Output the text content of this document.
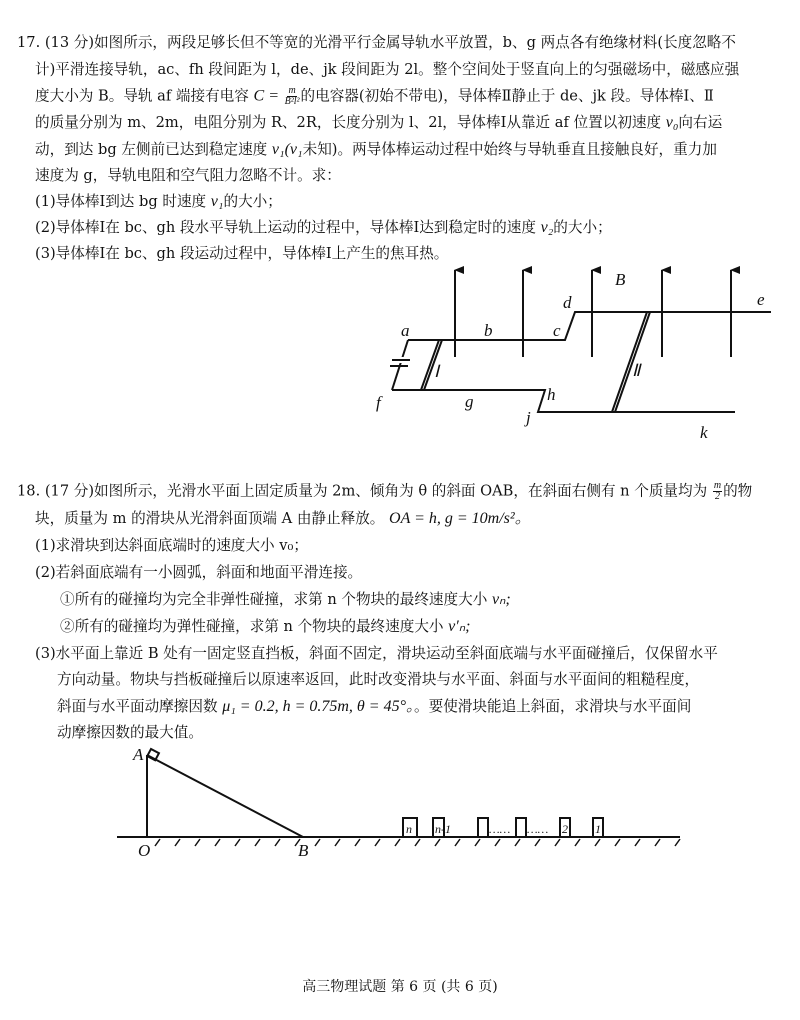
17. (13 分)如图所示，两段足够长但不等宽的光滑平行金属导轨水平放置，b、g 两点各有绝缘材料(长度忽略不
计)平滑连接导轨，ac、fh 段间距为 l，de、jk 段间距为 2l。整个空间处于竖直向上的匀强磁场中，磁感应强
度大小为 B。导轨 af 端接有电容 $C = \frac{m}{\text{B²l²}}$ 的电容器(初始不带电)，导体棒Ⅱ静止于 de、jk 段。导体棒Ⅰ、Ⅱ
的质量分别为 m、2m，电阻分别为 R、2R，长度分别为 l、2l，导体棒Ⅰ从靠近 af 位置以初速度 v₀向右运
动，到达 bg 左侧前已达到稳定速度 v₁(v₁未知)。两导体棒运动过程中始终与导轨垂直且接触良好，重力加
速度为 g，导轨电阻和空气阻力忽略不计。求：
(1)导体棒Ⅰ到达 bg 时速度 v₁的大小；
(2)导体棒Ⅰ在 bc、gh 段水平导轨上运动的过程中，导体棒Ⅰ达到稳定时的速度 v₂的大小；
(3)导体棒Ⅰ在 bc、gh 段运动过程中，导体棒Ⅰ上产生的焦耳热。
a	b	c
d	e
f	g	h
j
k
B
Ⅰ	Ⅱ
A
O	B
n n-1	2 1
…… ……
18. (17 分)如图所示，光滑水平面上固定质量为 2m、倾角为 θ 的斜面 OAB，在斜面右侧有 n 个质量均为 $\frac{m}{2}$ 的物
块，质量为 m 的滑块从光滑斜面顶端 A 由静止释放。 OA = h, g = 10m/s²。
(1)求滑块到达斜面底端时的速度大小 v₀；
(2)若斜面底端有一小圆弧，斜面和地面平滑连接。
①所有的碰撞均为完全非弹性碰撞，求第 n 个物块的最终速度大小 vₙ;
②所有的碰撞均为弹性碰撞，求第 n 个物块的最终速度大小 v′ₙ;
(3)水平面上靠近 B 处有一固定竖直挡板，斜面不固定，滑块运动至斜面底端与水平面碰撞后，仅保留水平
方向动量。物块与挡板碰撞后以原速率返回，此时改变滑块与水平面、斜面与水平面间的粗糙程度，
斜面与水平面动摩擦因数 μ₁ = 0.2, h = 0.75m, θ = 45°。。要使滑块能追上斜面，求滑块与水平面间
动摩擦因数的最大值。
高三物理试题 第 6 页 (共 6 页)
